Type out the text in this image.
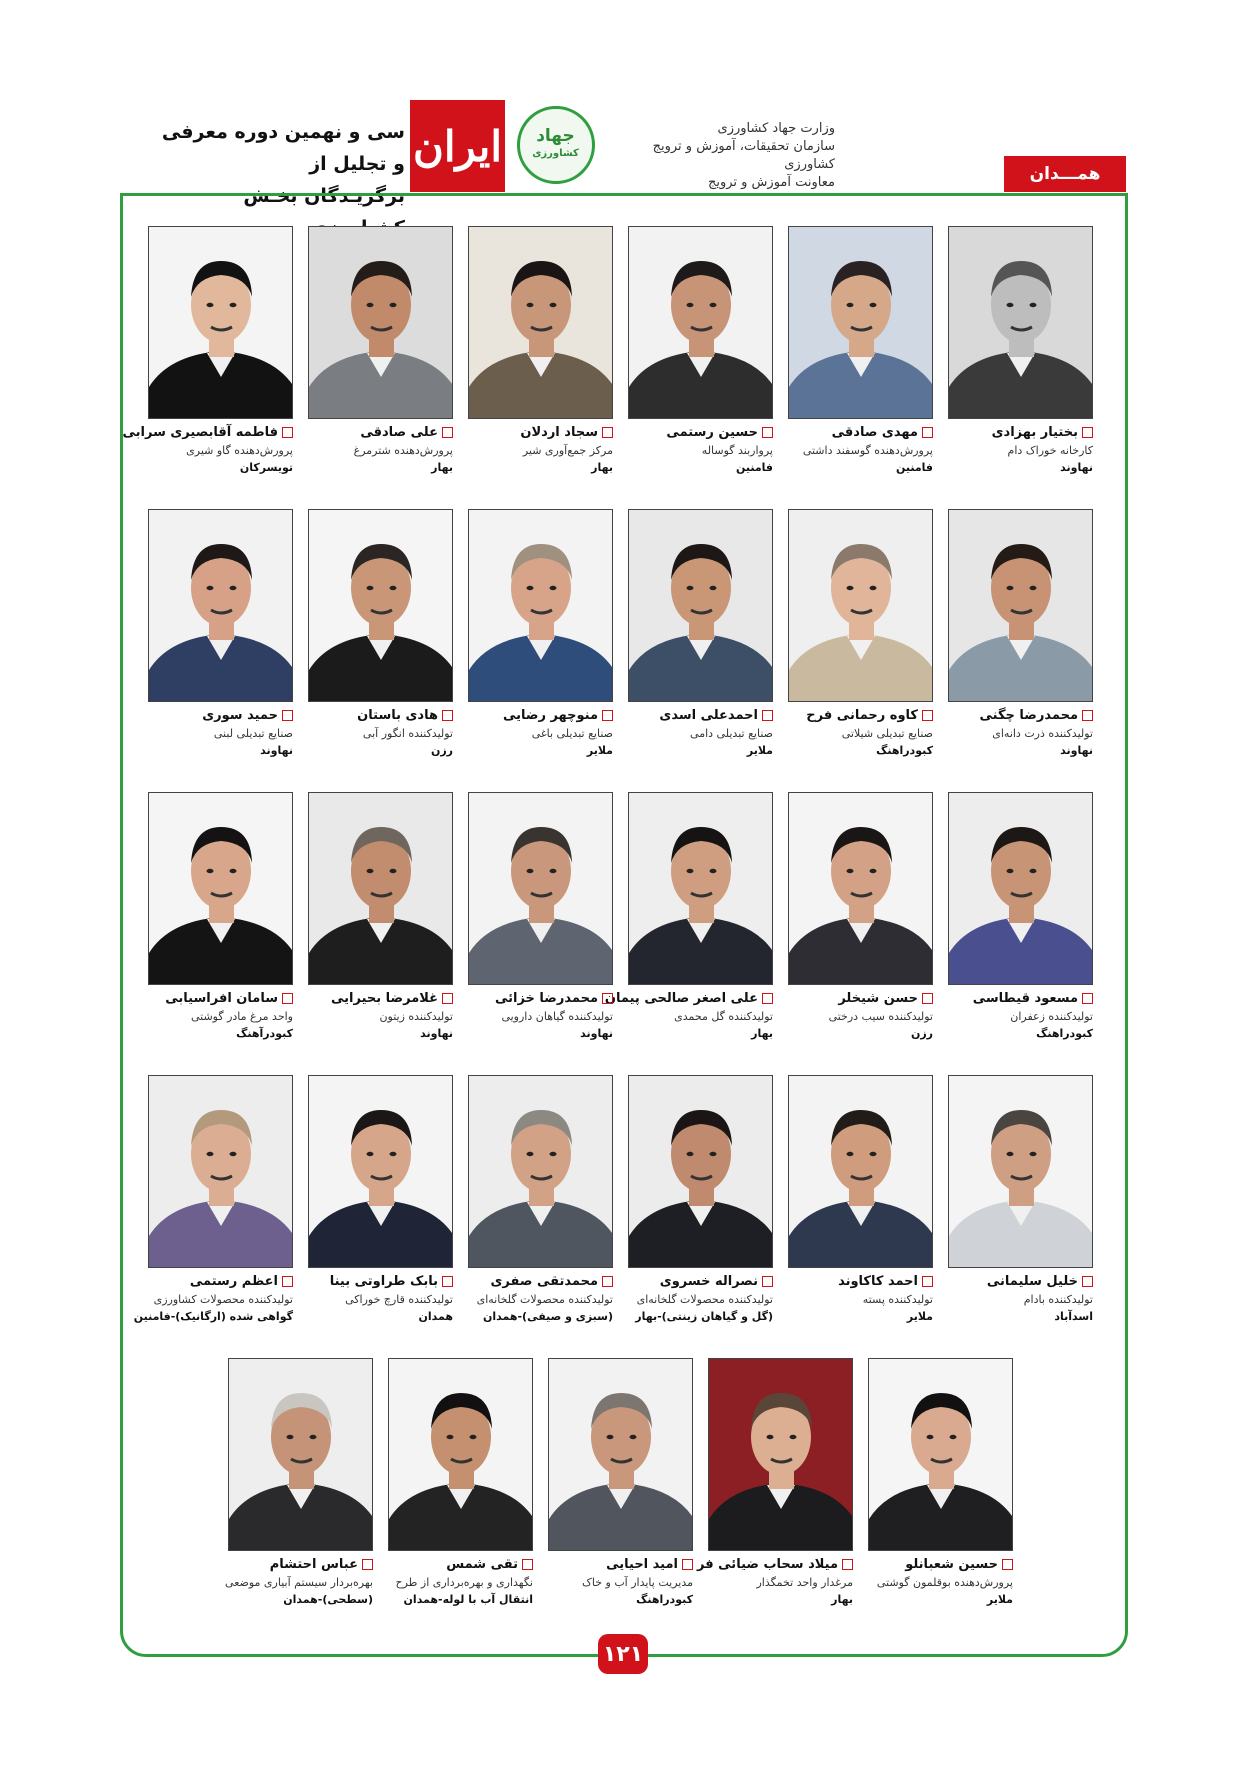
سی و نهمین دوره معرفی و تجلیل از
برگزیـدگان بخـش
ایران جهاد
کشاورزی
وزارت جهاد کشاورزی
سازمان تحقیقات، آموزش و ترویج کشاورزی
معاونت آموزش و ترویج	همـــدان
بختیار بهزادی
کارخانه خوراک دام
نهاوند
مهدی صادقی
پرورش‌دهنده گوسفند داشتی
فامنین
حسین رستمی
پرواربند گوساله
فامنین
سجاد اردلان
مرکز جمع‌آوری شیر
بهار
علی صادقی
پرورش‌دهنده شترمرغ
بهار
فاطمه آقابصیری سرابی
پرورش‌دهنده گاو شیری
تویسرکان
محمدرضا چگنی
تولیدکننده ذرت دانه‌ای
نهاوند
کاوه رحمانی فرح
صنایع تبدیلی شیلاتی
کبودراهنگ
احمدعلی اسدی
صنایع تبدیلی دامی
ملایر
منوچهر رضایی
صنایع تبدیلی باغی
ملایر
هادی باستان
تولیدکننده انگور آبی
رزن
حمید سوری
صنایع تبدیلی لبنی
نهاوند
مسعود قیطاسی
تولیدکننده زعفران
کبودراهنگ
حسن شیخلر
تولیدکننده سیب درختی
رزن
علی اصغر صالحی پیمان
تولیدکننده گل محمدی
بهار
محمدرضا خزائی
تولیدکننده گیاهان دارویی
نهاوند
غلامرضا بحیرایی
تولیدکننده زیتون
نهاوند
سامان افراسیابی
واحد مرغ مادر گوشتی
کبودرآهنگ
خلیل سلیمانی
تولیدکننده بادام
اسدآباد
احمد کاکاوند
تولیدکننده پسته
ملایر
نصراله خسروی
تولیدکننده محصولات گلخانه‌ای
(گل و گیاهان زینتی)-بهار
محمدتقی صفری
تولیدکننده محصولات گلخانه‌ای
(سبزی و صیفی)-همدان
بابک طراوتی بینا
تولیدکننده قارچ خوراکی
همدان
اعظم رستمی
تولیدکننده محصولات کشاورزی
گواهی شده (ارگانیک)-فامنین
حسین شعبانلو
پرورش‌دهنده بوقلمون گوشتی
ملایر
میلاد سحاب ضیائی فر
مرغدار واحد تخمگذار
بهار
امید احیایی
مدیریت پایدار آب و خاک
کبودراهنگ
تقی شمس
نگهداری و بهره‌برداری از طرح
انتقال آب با لوله-همدان
عباس احتشام
بهره‌بردار سیستم آبیاری موضعی
(سطحی)-همدان
۱۲۱
